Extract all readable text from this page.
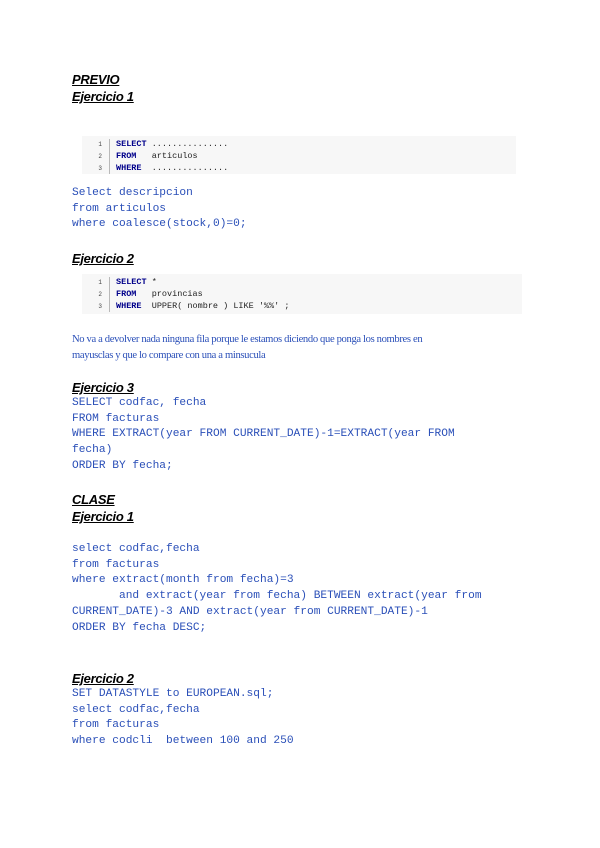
PREVIO
Ejercicio 1
1	SELECT ...............
2	FROM   articulos
3	WHERE  ...............
Select descripcion
from articulos
where coalesce(stock,0)=0;
Ejercicio 2
1	SELECT *
2	FROM   provincias
3	WHERE  UPPER( nombre ) LIKE '%%' ;
No va a devolver nada ninguna fila porque le estamos diciendo que ponga los nombres en
mayusclas y que lo compare con una a minsucula
Ejercicio 3
SELECT codfac, fecha
FROM facturas
WHERE EXTRACT(year FROM CURRENT_DATE)-1=EXTRACT(year FROM
fecha)
ORDER BY fecha;
CLASE
Ejercicio 1
select codfac,fecha
from facturas
where extract(month from fecha)=3
and extract(year from fecha) BETWEEN extract(year from
CURRENT_DATE)-3 AND extract(year from CURRENT_DATE)-1
ORDER BY fecha DESC;
Ejercicio 2
SET DATASTYLE to EUROPEAN.sql;
select codfac,fecha
from facturas
where codcli  between 100 and 250
